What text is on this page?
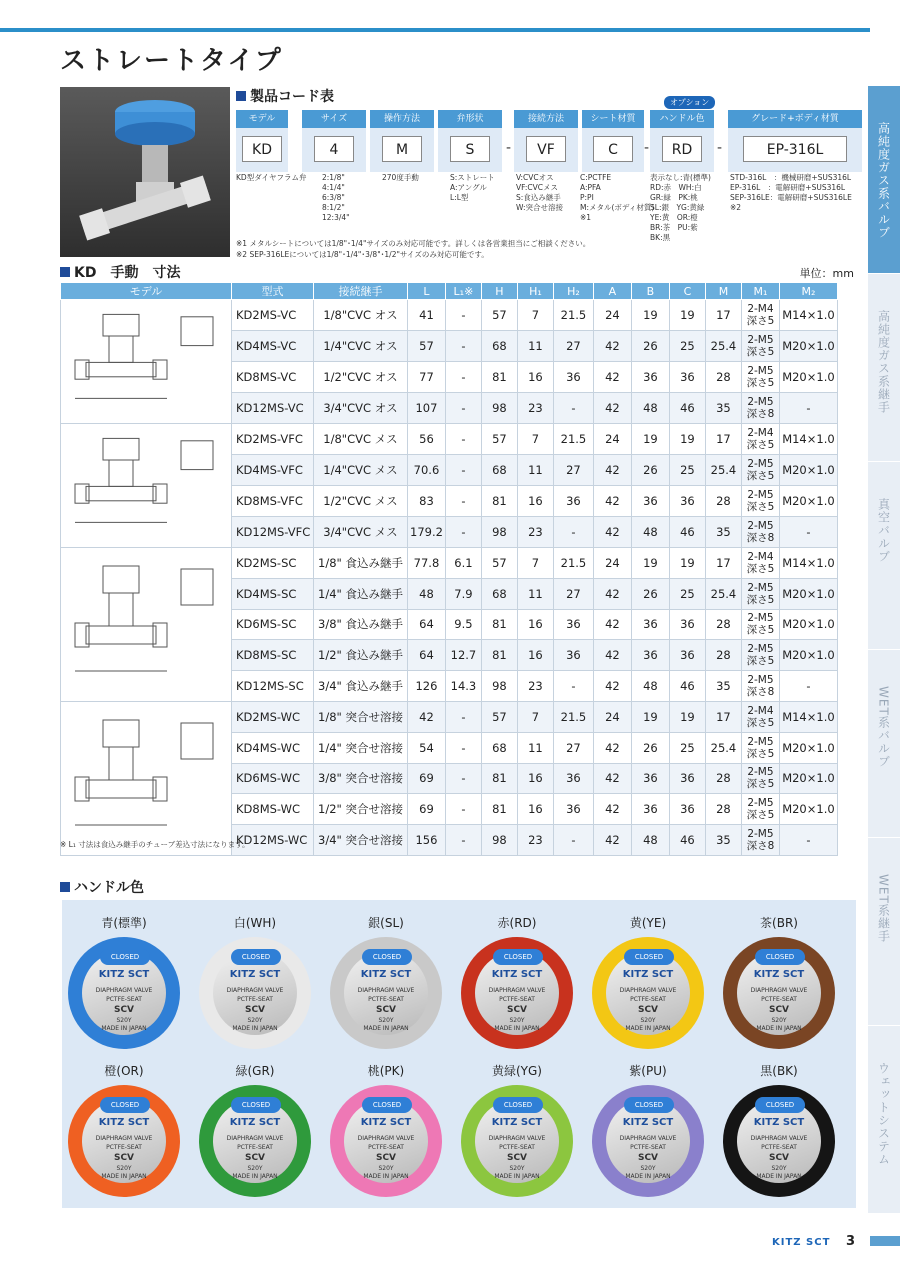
ストレートタイプ
高純度ガス系バルブ
高純度ガス系継手
真空バルブ
WET系バルブ
WET系継手
ウェットシステム
製品コード表	オプション
モデル
KD
サイズ
4
操作方法
M
弁形状
S	-
接続方法
VF
シート材質
C	-
ハンドル色
RD	-
グレード+ボディ材質
EP-316L
KD型ダイヤフラム弁 2:1/8"
4:1/4"
6:3/8"
8:1/2"
12:3/4"
270度手動	S:ストレート
A:アングル
L:L型
V:CVCオス
VF:CVCメス
S:食込み継手
W:突合せ溶接
C:PCTFE
A:PFA
P:PI
M:メタル(ボディ材質)
※1
表示なし:青(標準)
RD:赤　WH:白
GR:緑　PK:桃
SL:銀　YG:黄緑
YE:黄　OR:橙
BR:茶　PU:紫
BK:黒
STD-316L　：機械研磨+SUS316L
EP-316L　：電解研磨+SUS316L
SEP-316LE：電解研磨+SUS316LE
※2
※1 メタルシートについては1/8"･1/4"サイズのみ対応可能です。詳しくは各営業担当にご相談ください。
※2 SEP-316LEについては1/8"･1/4"･3/8"･1/2"サイズのみ対応可能です。
KD　手動　寸法	単位：mm
モデル	型式	接続継手	L	L₁※	H	H₁	H₂	A	B	C	M	M₁	M₂
	KD2MS-VC	1/8"CVC オス	41	-	57	7	21.5	24	19	19	17	2-M4 深さ5	M14×1.0
	KD4MS-VC	1/4"CVC オス	57	-	68	11	27	42	26	25	25.4	2-M5 深さ5	M20×1.0
	KD8MS-VC	1/2"CVC オス	77	-	81	16	36	42	36	36	28	2-M5 深さ5	M20×1.0
	KD12MS-VC	3/4"CVC オス	107	-	98	23	-	42	48	46	35	2-M5 深さ8	-
	KD2MS-VFC	1/8"CVC メス	56	-	57	7	21.5	24	19	19	17	2-M4 深さ5	M14×1.0
	KD4MS-VFC	1/4"CVC メス	70.6	-	68	11	27	42	26	25	25.4	2-M5 深さ5	M20×1.0
	KD8MS-VFC	1/2"CVC メス	83	-	81	16	36	42	36	36	28	2-M5 深さ5	M20×1.0
	KD12MS-VFC	3/4"CVC メス	179.2	-	98	23	-	42	48	46	35	2-M5 深さ8	-
	KD2MS-SC	1/8" 食込み継手	77.8	6.1	57	7	21.5	24	19	19	17	2-M4 深さ5	M14×1.0
	KD4MS-SC	1/4" 食込み継手	48	7.9	68	11	27	42	26	25	25.4	2-M5 深さ5	M20×1.0
	KD6MS-SC	3/8" 食込み継手	64	9.5	81	16	36	42	36	36	28	2-M5 深さ5	M20×1.0
	KD8MS-SC	1/2" 食込み継手	64	12.7	81	16	36	42	36	36	28	2-M5 深さ5	M20×1.0
	KD12MS-SC	3/4" 食込み継手	126	14.3	98	23	-	42	48	46	35	2-M5 深さ8	-
	KD2MS-WC	1/8" 突合せ溶接	42	-	57	7	21.5	24	19	19	17	2-M4 深さ5	M14×1.0
	KD4MS-WC	1/4" 突合せ溶接	54	-	68	11	27	42	26	25	25.4	2-M5 深さ5	M20×1.0
	KD6MS-WC	3/8" 突合せ溶接	69	-	81	16	36	42	36	36	28	2-M5 深さ5	M20×1.0
	KD8MS-WC	1/2" 突合せ溶接	69	-	81	16	36	42	36	36	28	2-M5 深さ5	M20×1.0
	KD12MS-WC	3/4" 突合せ溶接	156	-	98	23	-	42	48	46	35	2-M5 深さ8	-
※ L₁ 寸法は食込み継手のチューブ差込寸法になります。
ハンドル色
青(標準)
CLOSED
KITZ SCT
DIAPHRAGM VALVE
PCTFE-SEAT
SCV
S20Y
MADE IN JAPAN
白(WH)
CLOSED
KITZ SCT
DIAPHRAGM VALVE
PCTFE-SEAT
SCV
S20Y
MADE IN JAPAN
銀(SL)
CLOSED
KITZ SCT
DIAPHRAGM VALVE
PCTFE-SEAT
SCV
S20Y
MADE IN JAPAN
赤(RD)
CLOSED
KITZ SCT
DIAPHRAGM VALVE
PCTFE-SEAT
SCV
S20Y
MADE IN JAPAN
黄(YE)
CLOSED
KITZ SCT
DIAPHRAGM VALVE
PCTFE-SEAT
SCV
S20Y
MADE IN JAPAN
茶(BR)
CLOSED
KITZ SCT
DIAPHRAGM VALVE
PCTFE-SEAT
SCV
S20Y
MADE IN JAPAN
橙(OR)
CLOSED
KITZ SCT
DIAPHRAGM VALVE
PCTFE-SEAT
SCV
S20Y
MADE IN JAPAN
緑(GR)
CLOSED
KITZ SCT
DIAPHRAGM VALVE
PCTFE-SEAT
SCV
S20Y
MADE IN JAPAN
桃(PK)
CLOSED
KITZ SCT
DIAPHRAGM VALVE
PCTFE-SEAT
SCV
S20Y
MADE IN JAPAN
黄緑(YG)
CLOSED
KITZ SCT
DIAPHRAGM VALVE
PCTFE-SEAT
SCV
S20Y
MADE IN JAPAN
紫(PU)
CLOSED
KITZ SCT
DIAPHRAGM VALVE
PCTFE-SEAT
SCV
S20Y
MADE IN JAPAN
黒(BK)
CLOSED
KITZ SCT
DIAPHRAGM VALVE
PCTFE-SEAT
SCV
S20Y
MADE IN JAPAN
KITZ SCT 3
